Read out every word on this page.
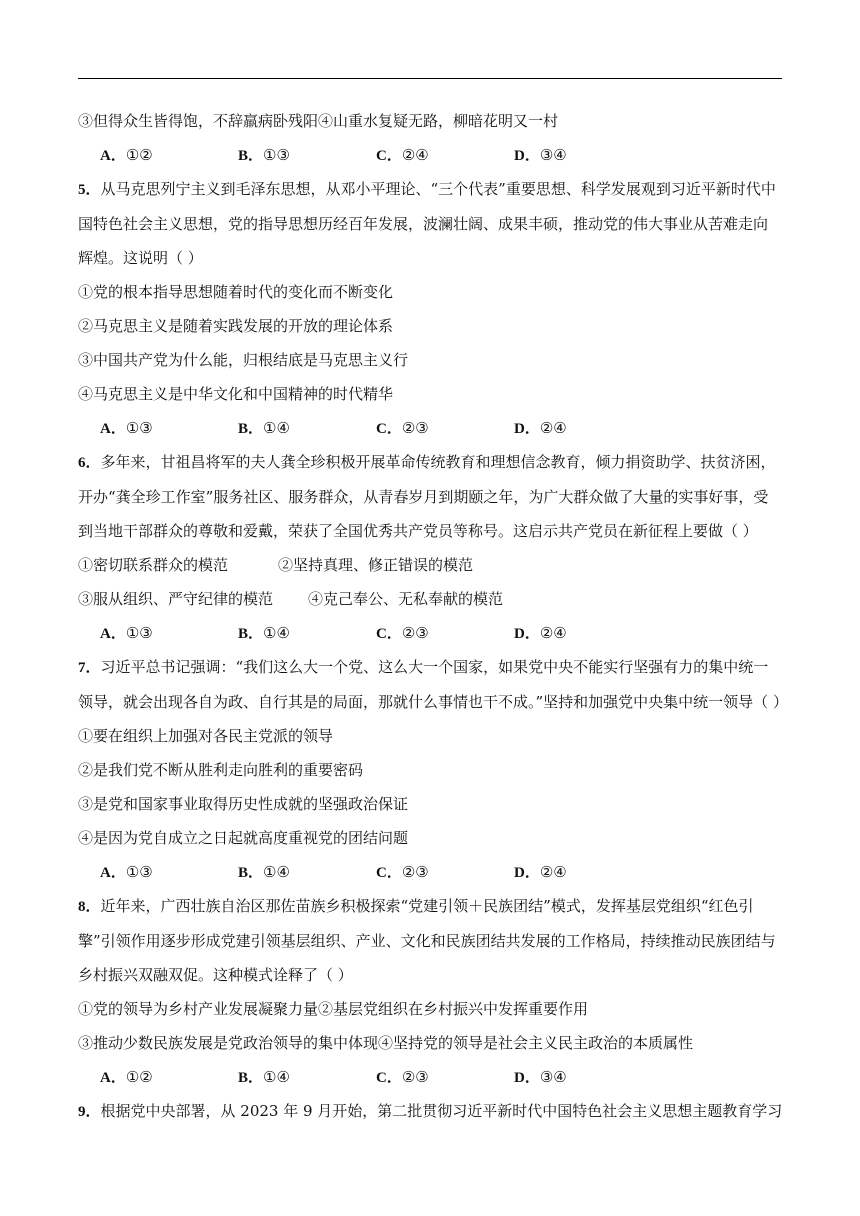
③但得众生皆得饱，不辞羸病卧残阳④山重水复疑无路，柳暗花明又一村
A．①②	B．①③	C．②④	D．③④
5．从马克思列宁主义到毛泽东思想，从邓小平理论、“三个代表”重要思想、科学发展观到习近平新时代中国特色社会主义思想，党的指导思想历经百年发展，波澜壮阔、成果丰硕，推动党的伟大事业从苦难走向辉煌。这说明（ ）
①党的根本指导思想随着时代的变化而不断变化
②马克思主义是随着实践发展的开放的理论体系
③中国共产党为什么能，归根结底是马克思主义行
④马克思主义是中华文化和中国精神的时代精华
A．①③	B．①④	C．②③	D．②④
6．多年来，甘祖昌将军的夫人龚全珍积极开展革命传统教育和理想信念教育，倾力捐资助学、扶贫济困，开办“龚全珍工作室”服务社区、服务群众，从青春岁月到期颐之年，为广大群众做了大量的实事好事，受到当地干部群众的尊敬和爱戴，荣获了全国优秀共产党员等称号。这启示共产党员在新征程上要做（ ）
①密切联系群众的模范	②坚持真理、修正错误的模范
③服从组织、严守纪律的模范 ④克己奉公、无私奉献的模范
A．①③	B．①④	C．②③	D．②④
7．习近平总书记强调：“我们这么大一个党、这么大一个国家，如果党中央不能实行坚强有力的集中统一领导，就会出现各自为政、自行其是的局面，那就什么事情也干不成。”坚持和加强党中央集中统一领导（ ）
①要在组织上加强对各民主党派的领导
②是我们党不断从胜利走向胜利的重要密码
③是党和国家事业取得历史性成就的坚强政治保证
④是因为党自成立之日起就高度重视党的团结问题
A．①③	B．①④	C．②③	D．②④
8．近年来，广西壮族自治区那佐苗族乡积极探索“党建引领＋民族团结”模式，发挥基层党组织“红色引擎”引领作用逐步形成党建引领基层组织、产业、文化和民族团结共发展的工作格局，持续推动民族团结与乡村振兴双融双促。这种模式诠释了（ ）
①党的领导为乡村产业发展凝聚力量②基层党组织在乡村振兴中发挥重要作用
③推动少数民族发展是党政治领导的集中体现④坚持党的领导是社会主义民主政治的本质属性
A．①②	B．①④	C．②③	D．③④
9．根据党中央部署，从 2023 年 9 月开始，第二批贯彻习近平新时代中国特色社会主义思想主题教育学习
